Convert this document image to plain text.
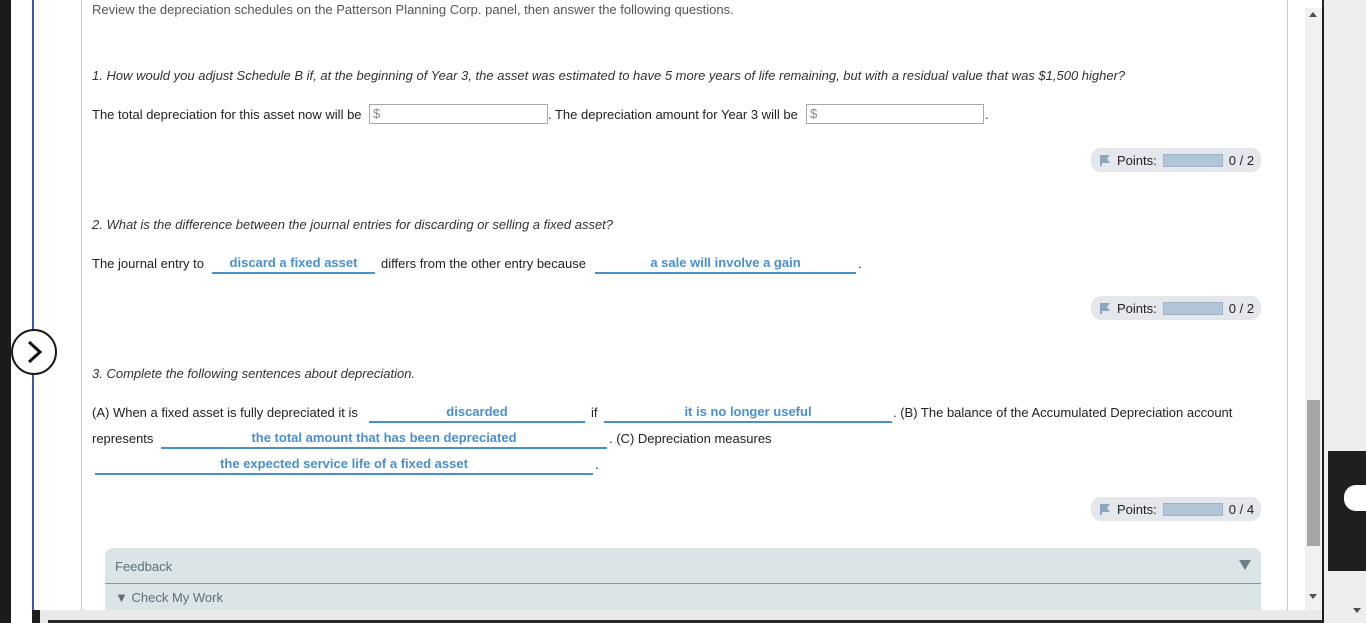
Review the depreciation schedules on the Patterson Planning Corp. panel, then answer the following questions.
1. How would you adjust Schedule B if, at the beginning of Year 3, the asset was estimated to have 5 more years of life remaining, but with a residual value that was $1,500 higher?
The total depreciation for this asset now will be $	. The depreciation amount for Year 3 will be $	.
Points:	0 / 2
2. What is the difference between the journal entries for discarding or selling a fixed asset?
The journal entry to	discard a fixed asset	differs from the other entry because	a sale will involve a gain	.
Points:	0 / 2
3. Complete the following sentences about depreciation.
(A) When a fixed asset is fully depreciated it is	discarded	if	it is no longer useful	. (B) The balance of the Accumulated Depreciation account
represents	the total amount that has been depreciated	. (C) Depreciation measures
the expected service life of a fixed asset	.
Points:	0 / 4
Feedback
▼ Check My Work
